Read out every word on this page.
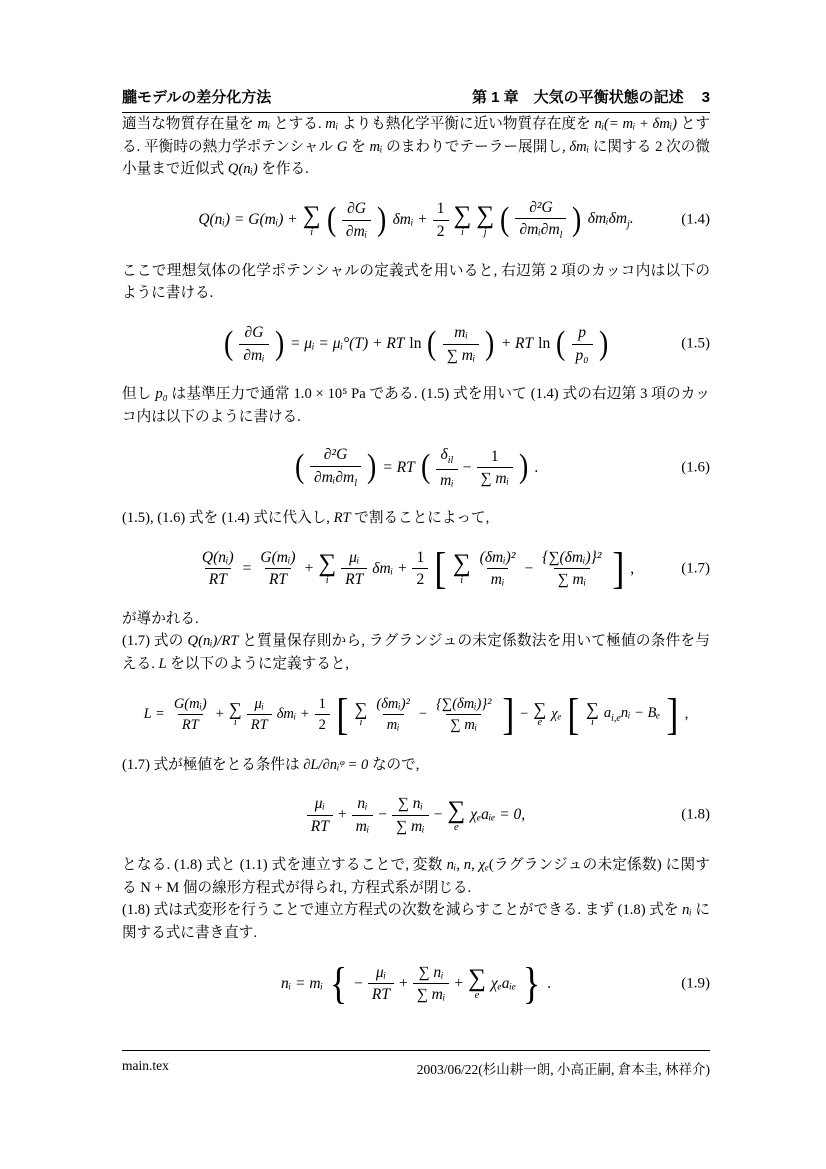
朧モデルの差分化方法	第 1 章　大気の平衡状態の記述 3

適当な物質存在量を mᵢ とする. mᵢ よりも熱化学平衡に近い物質存在度を nᵢ(= mᵢ + δmᵢ) とする. 平衡時の熱力学ポテンシャル G を mᵢ のまわりでテーラー展開し, δmᵢ に関する 2 次の微小量まで近似式 Q(nᵢ) を作る.

Q(nᵢ) = G(mᵢ) + ∑
i ( $\frac{\partial G}{\text{∂mᵢ}}$ ) δmᵢ + $\frac{1}{2}$ ∑
i
∑
j ( $\frac{\text{∂²G}}{\partial mᵢ\partial m_l}$ ) δmᵢδm$_j$.	(1.4)

ここで理想気体の化学ポテンシャルの定義式を用いると, 右辺第 2 項のカッコ内は以下のように書ける.

( $\frac{\partial G}{\text{∂mᵢ}}$ ) = μᵢ = μᵢ°(T) + RT ln ( $\frac{\text{mᵢ}}{\text{∑ mᵢ}}$ ) + RT ln ( $\frac{p}{\text{p₀}}$ )	(1.5)

但し p₀ は基準圧力で通常 1.0 × 10⁵ Pa である. (1.5) 式を用いて (1.4) 式の右辺第 3 項のカッコ内は以下のように書ける.

( $\frac{\text{∂²G}}{\partial mᵢ\partial m_l}$ ) = RT ( $\frac{\delta_{il}}{\text{mᵢ}} - \frac{1}{\text{∑ mᵢ}}$ ) .	(1.6)

(1.5), (1.6) 式を (1.4) 式に代入し, RT で割ることによって,

$\frac{\text{Q(nᵢ)}}{RT} = \frac{\text{G(mᵢ)}}{RT}$ + ∑
i $\frac{\text{μᵢ}}{RT}$ δmᵢ + $\frac{1}{2}$ [ ∑
i $\frac{\text{(δmᵢ)²}}{\text{mᵢ}} - \frac{\text{\{∑(δmᵢ)\}²}}{\text{∑ mᵢ}}$ ] ,	(1.7)

が導かれる.

(1.7) 式の Q(nᵢ)/RT と質量保存則から, ラグランジュの未定係数法を用いて極値の条件を与える. L を以下のように定義すると,

$L = \frac{\text{G(mᵢ)}}{RT}$ + ∑
i $\frac{\text{μᵢ}}{RT}$ δmᵢ + $\frac{1}{2}$ [ ∑
i $\frac{\text{(δmᵢ)²}}{\text{mᵢ}} - \frac{\text{\{∑(δmᵢ)\}²}}{\text{∑ mᵢ}}$ ] − ∑
e
χₑ [ ∑
i
$a_{i,e}nᵢ - B_e$ ] ,

(1.7) 式が極値をとる条件は ∂L/∂nᵢᵠ = 0 なので,

$\frac{\text{μᵢ}}{RT} + \frac{\text{nᵢ}}{\text{mᵢ}} - \frac{\text{∑ nᵢ}}{\text{∑ mᵢ}}$ − ∑
e
χₑaᵢₑ = 0,	(1.8)

となる. (1.8) 式と (1.1) 式を連立することで, 変数 nᵢ, n, χₑ(ラグランジュの未定係数) に関する N + M 個の線形方程式が得られ, 方程式系が閉じる.

(1.8) 式は式変形を行うことで連立方程式の次数を減らすことができる. まず (1.8) 式を nᵢ に関する式に書き直す.

nᵢ = mᵢ { − $\frac{\text{μᵢ}}{RT} + \frac{\text{∑ nᵢ}}{\text{∑ mᵢ}}$ + ∑
e
χₑaᵢₑ } .	(1.9)
main.tex	2003/06/22(杉山耕一朗, 小高正嗣, 倉本圭, 林祥介)
